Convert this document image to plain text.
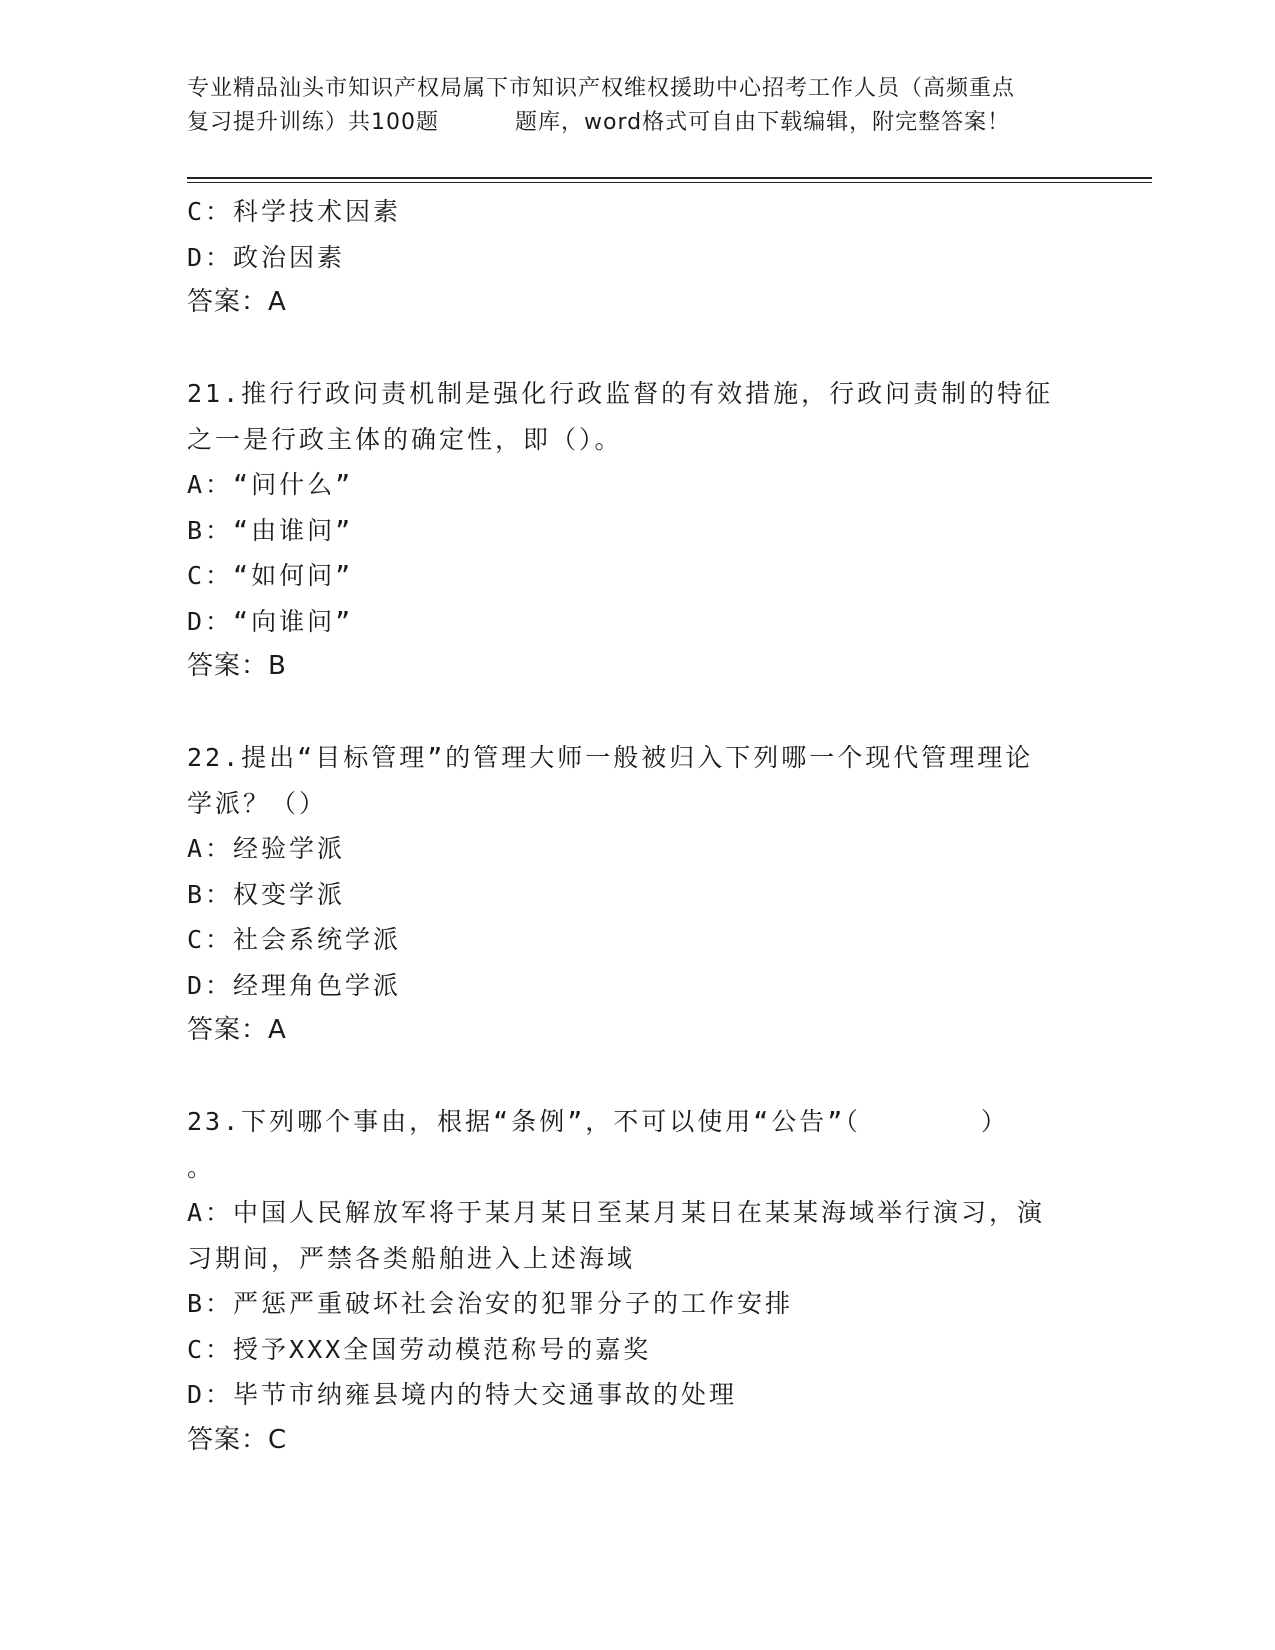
专业精品汕头市知识产权局属下市知识产权维权援助中心招考工作人员（高频重点
复习提升训练）共100题	题库，word格式可自由下载编辑，附完整答案！
C：科学技术因素
D：政治因素
答案：A
21.推行行政问责机制是强化行政监督的有效措施，行政问责制的特征
之一是行政主体的确定性，即（）。
A：“问什么”
B：“由谁问”
C：“如何问”
D：“向谁问”
答案：B
22.提出“目标管理”的管理大师一般被归入下列哪一个现代管理理论
学派？（）
A：经验学派
B：权变学派
C：社会系统学派
D：经理角色学派
答案：A
23.下列哪个事由，根据“条例”，不可以使用“公告”（	）
。
A：中国人民解放军将于某月某日至某月某日在某某海域举行演习，演
习期间，严禁各类船舶进入上述海域
B：严惩严重破坏社会治安的犯罪分子的工作安排
C：授予XXX全国劳动模范称号的嘉奖
D：毕节市纳雍县境内的特大交通事故的处理
答案：C
